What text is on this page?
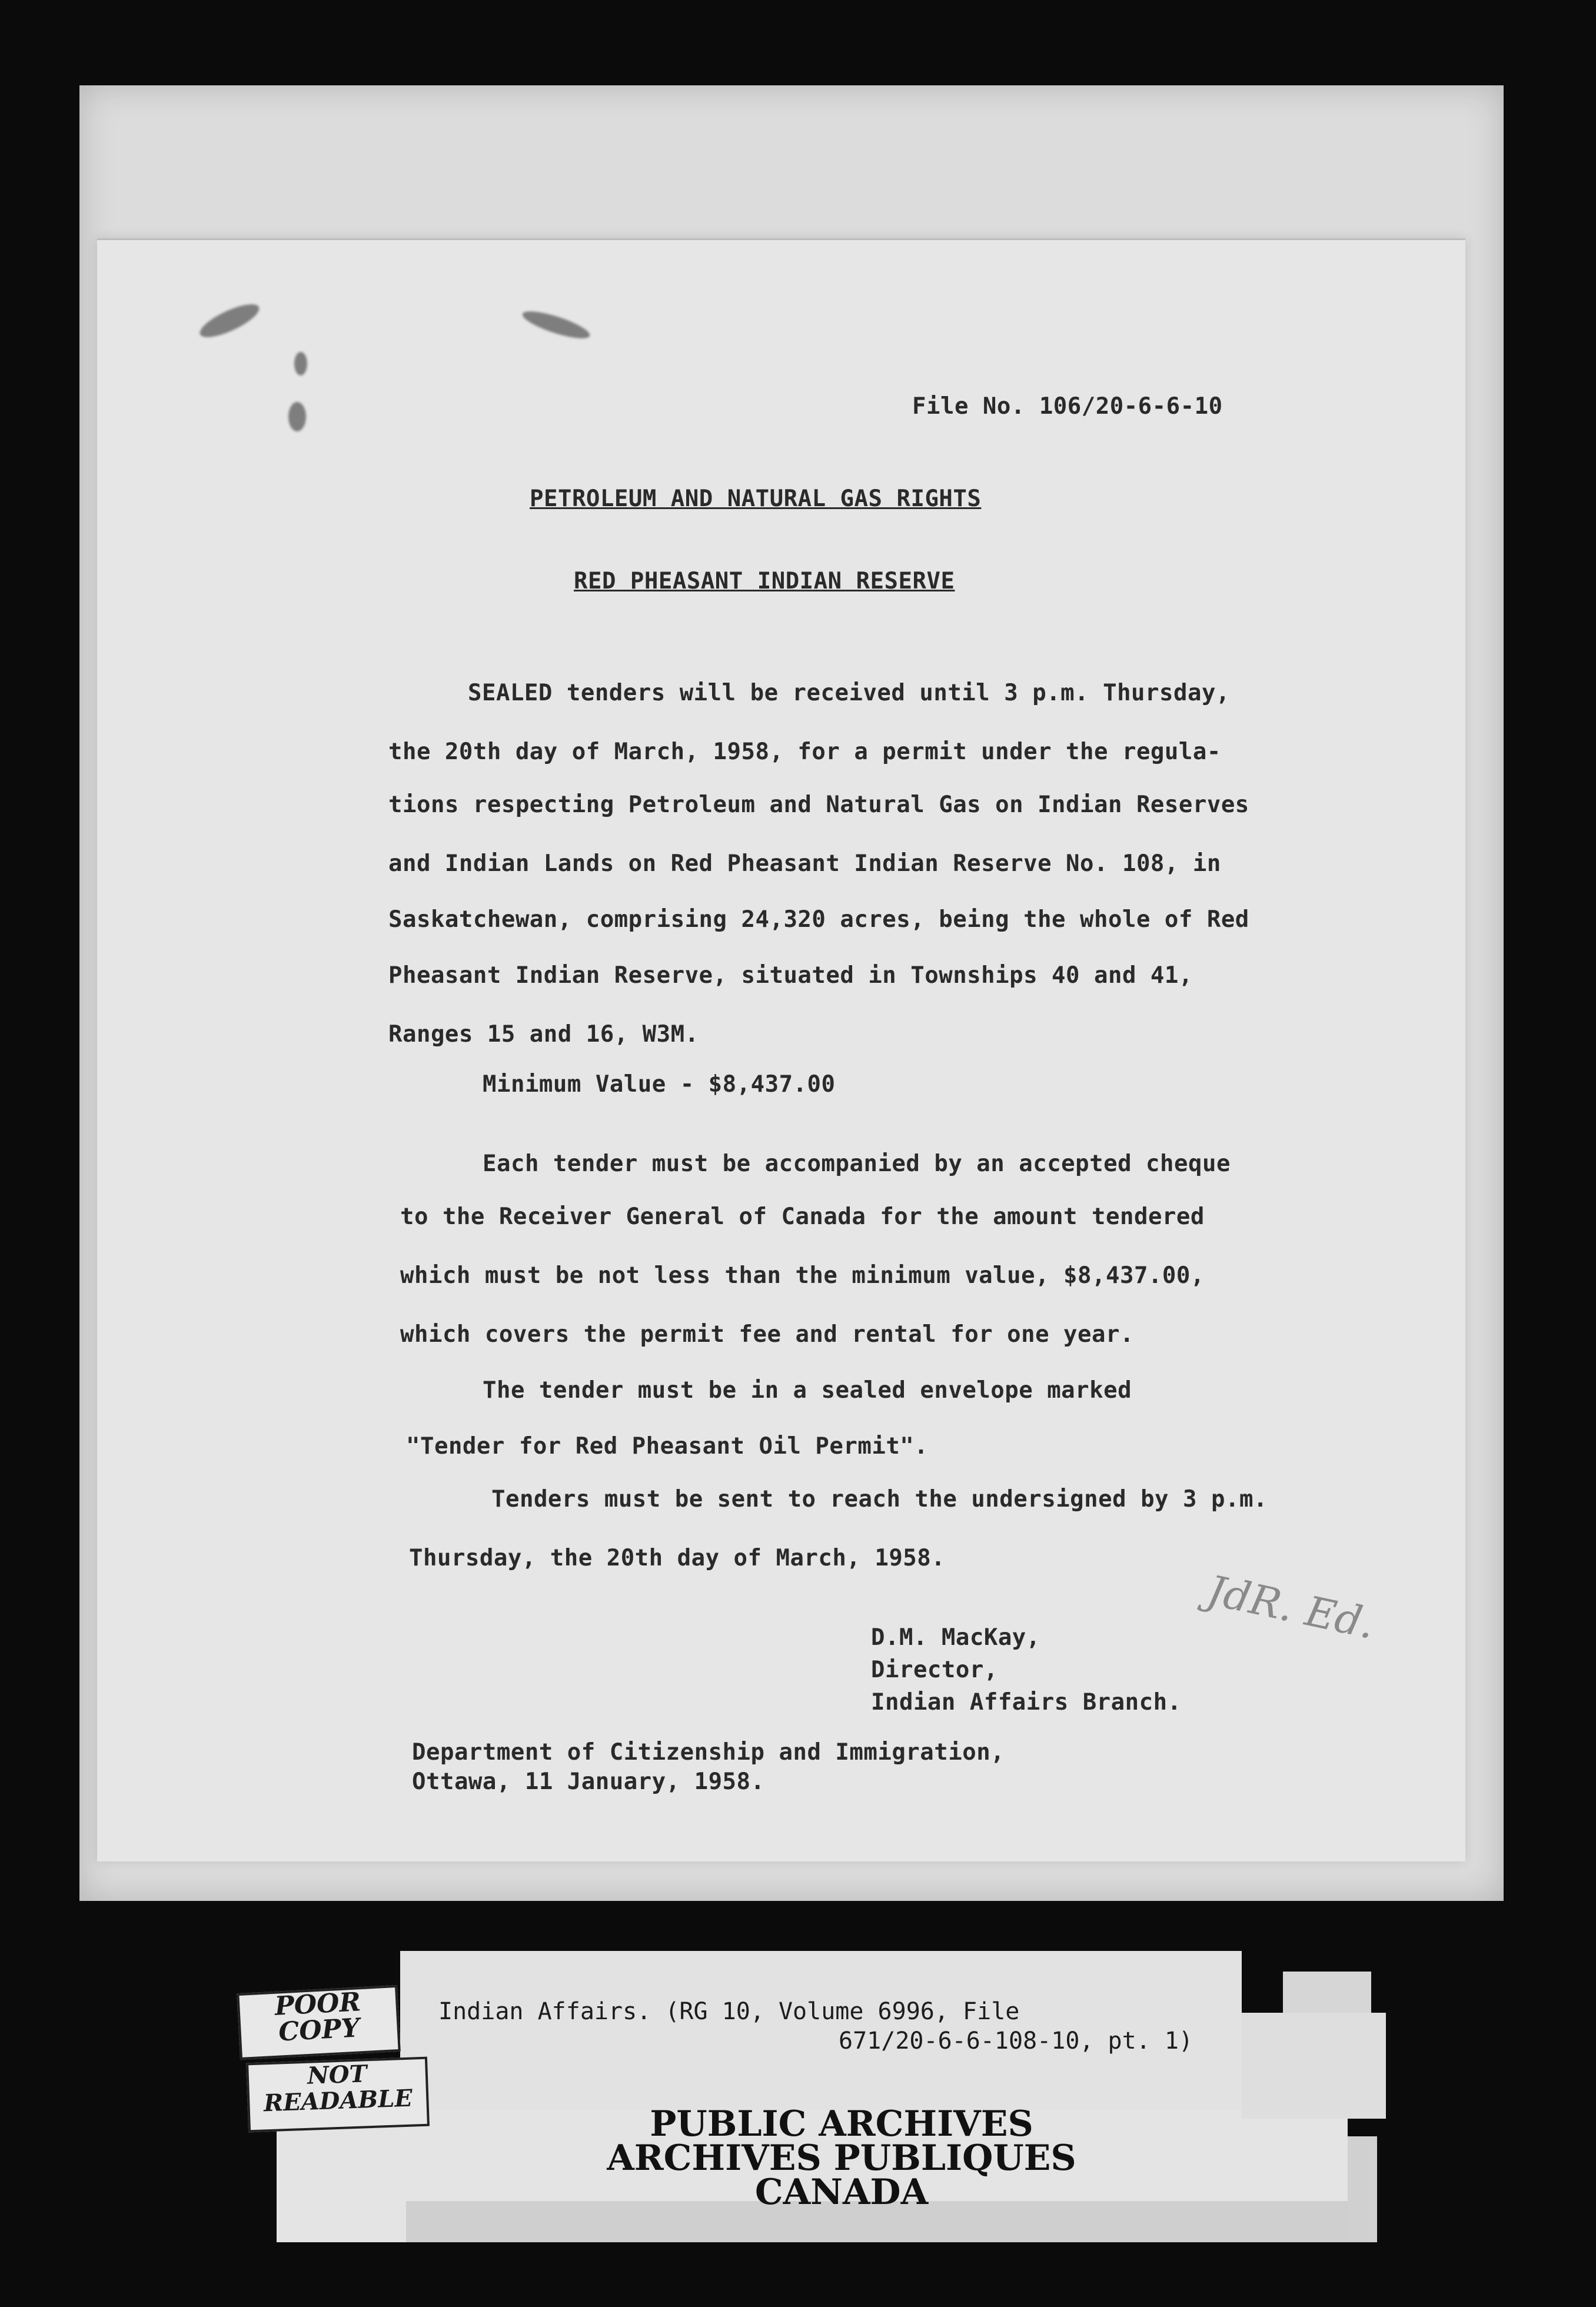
File No. 106/20-6-6-10
PETROLEUM AND NATURAL GAS RIGHTS
RED PHEASANT INDIAN RESERVE
SEALED tenders will be received until 3 p.m. Thursday,
the 20th day of March, 1958, for a permit under the regula-
tions respecting Petroleum and Natural Gas on Indian Reserves
and Indian Lands on Red Pheasant Indian Reserve No. 108, in
Saskatchewan, comprising 24,320 acres, being the whole of Red
Pheasant Indian Reserve, situated in Townships 40 and 41,
Ranges 15 and 16, W3M.
Minimum Value - $8,437.00
Each tender must be accompanied by an accepted cheque
to the Receiver General of Canada for the amount tendered
which must be not less than the minimum value, $8,437.00,
which covers the permit fee and rental for one year.
The tender must be in a sealed envelope marked
"Tender for Red Pheasant Oil Permit".
Tenders must be sent to reach the undersigned by 3 p.m.
Thursday, the 20th day of March, 1958.
D.M. MacKay,
Director,
Indian Affairs Branch.
Department of Citizenship and Immigration,
Ottawa, 11 January, 1958.
JdR. Ed.
Indian Affairs. (RG 10, Volume 6996, File
671/20-6-6-108-10, pt. 1)
PUBLIC ARCHIVES
ARCHIVES PUBLIQUES
CANADA
POOR
COPY
NOT
READABLE
